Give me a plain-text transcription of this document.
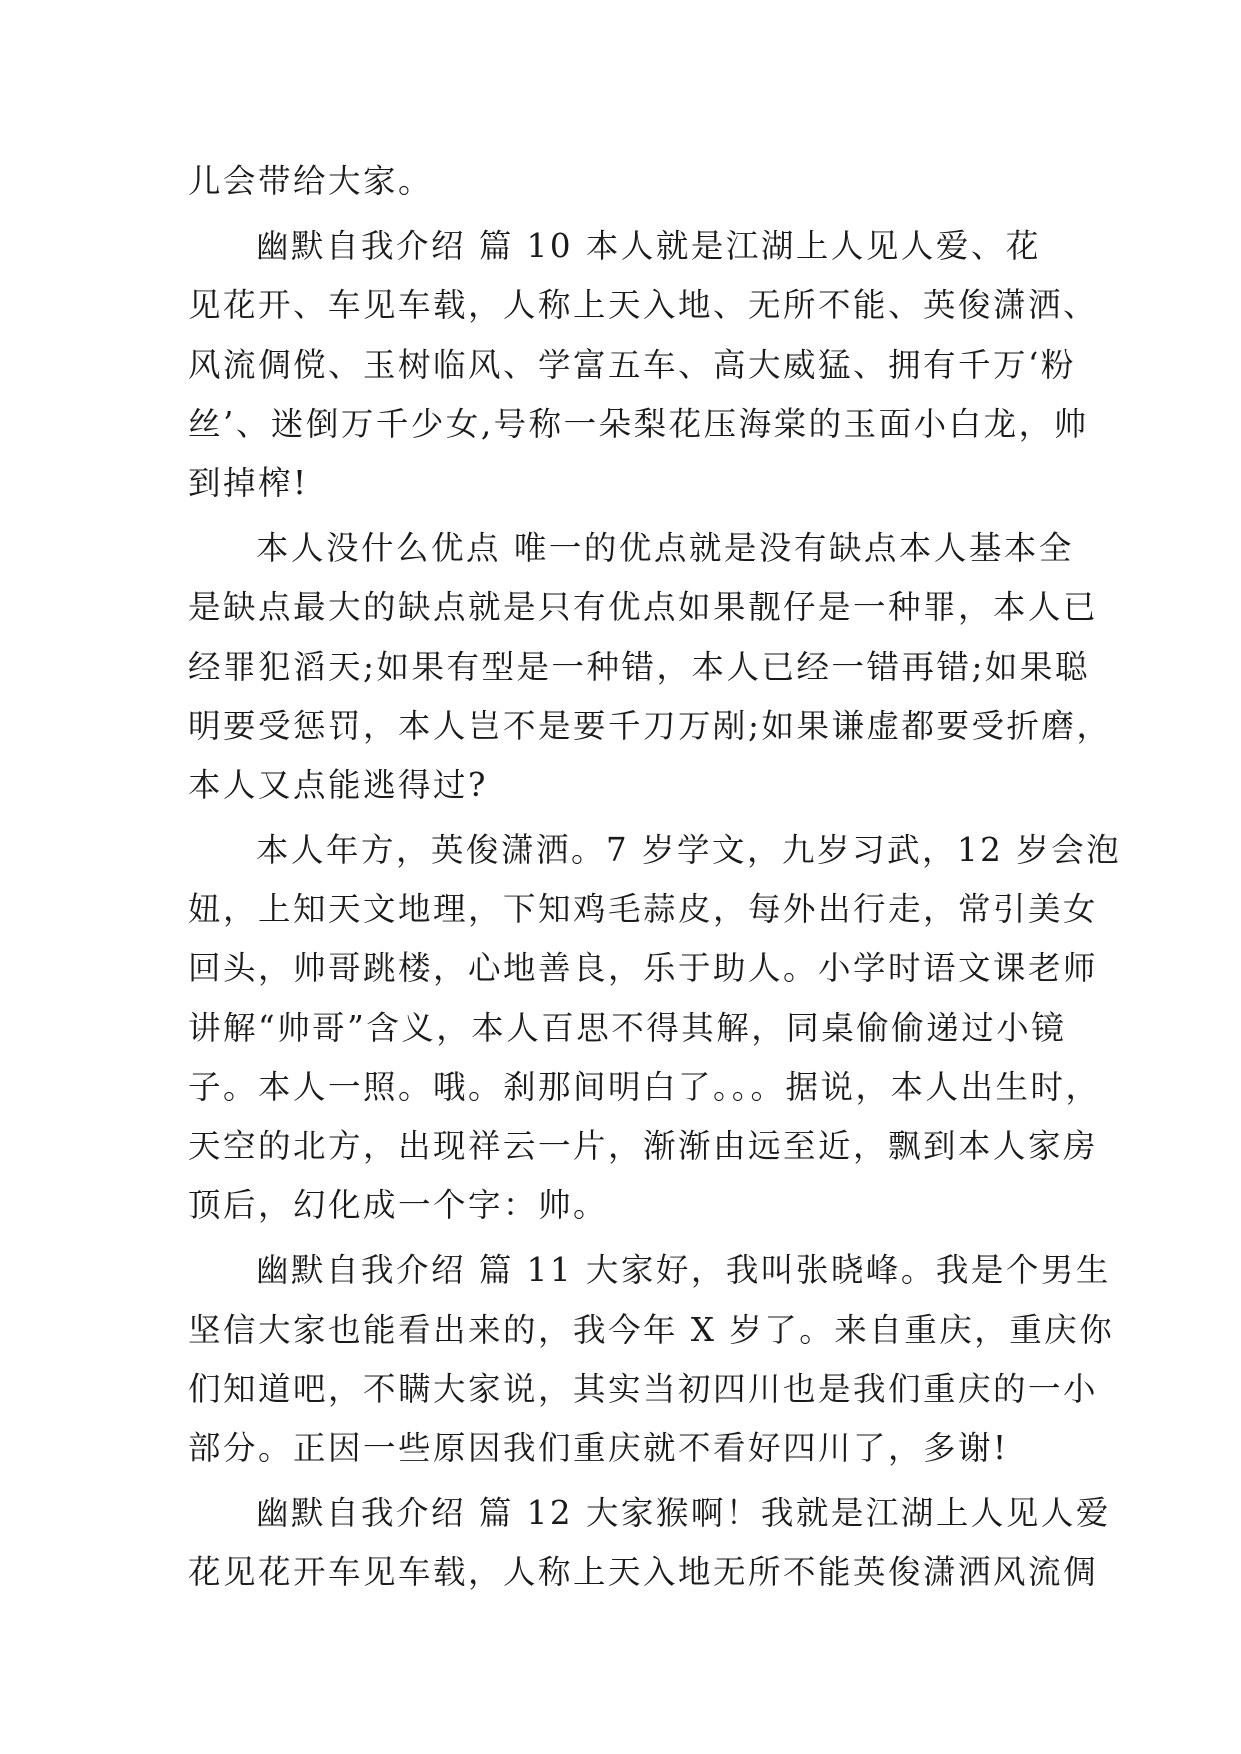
儿会带给大家。
幽默自我介绍 篇 10 本人就是江湖上人见人爱、花
见花开、车见车载，人称上天入地、无所不能、英俊潇洒、
风流倜傥、玉树临风、学富五车、高大威猛、拥有千万‘粉
丝’、迷倒万千少女,号称一朵梨花压海棠的玉面小白龙，帅
到掉榨!
本人没什么优点 唯一的优点就是没有缺点本人基本全
是缺点最大的缺点就是只有优点如果靓仔是一种罪，本人已
经罪犯滔天;如果有型是一种错，本人已经一错再错;如果聪
明要受惩罚，本人岂不是要千刀万剐;如果谦虚都要受折磨，
本人又点能逃得过?
本人年方，英俊潇洒。7 岁学文，九岁习武，12 岁会泡
妞，上知天文地理，下知鸡毛蒜皮，每外出行走，常引美女
回头，帅哥跳楼，心地善良，乐于助人。小学时语文课老师
讲解“帅哥”含义，本人百思不得其解，同桌偷偷递过小镜
子。本人一照。哦。刹那间明白了。。。据说，本人出生时，
天空的北方，出现祥云一片，渐渐由远至近，飘到本人家房
顶后，幻化成一个字：帅。
幽默自我介绍 篇 11 大家好，我叫张晓峰。我是个男生
坚信大家也能看出来的，我今年 X 岁了。来自重庆，重庆你
们知道吧，不瞒大家说，其实当初四川也是我们重庆的一小
部分。正因一些原因我们重庆就不看好四川了，多谢!
幽默自我介绍 篇 12 大家猴啊！我就是江湖上人见人爱
花见花开车见车载，人称上天入地无所不能英俊潇洒风流倜
